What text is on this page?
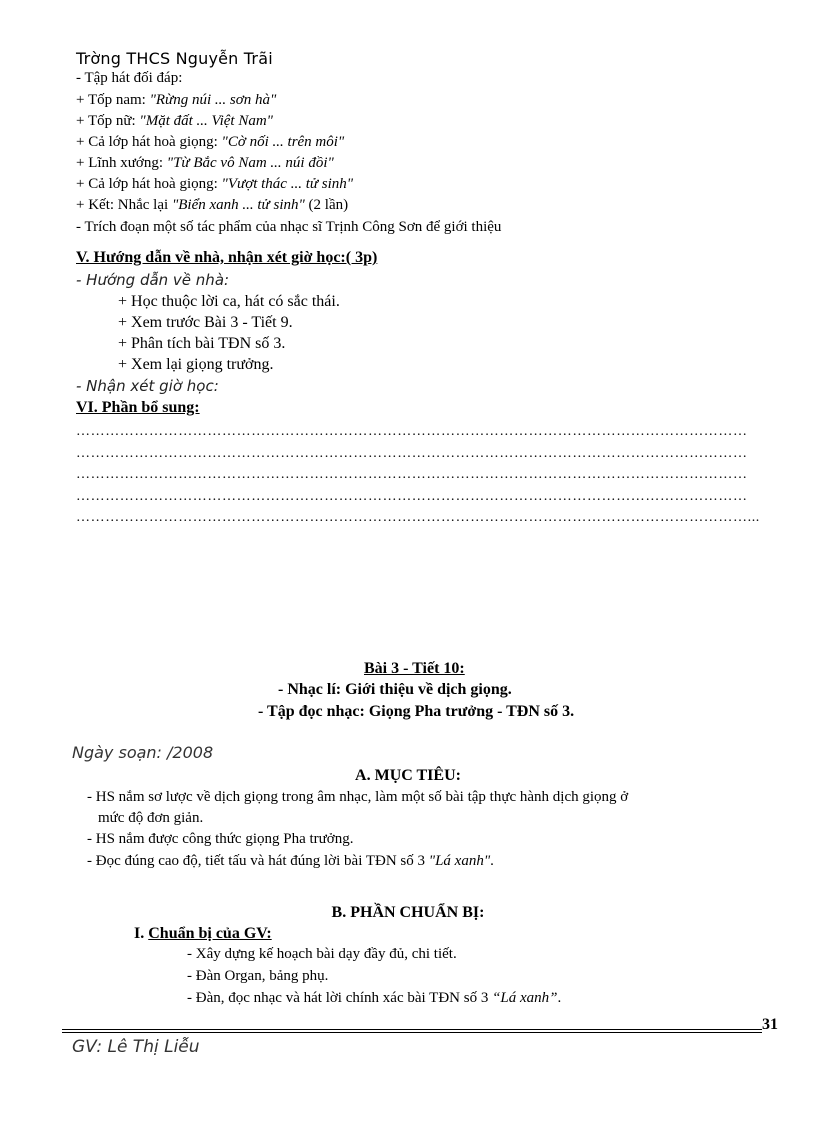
Trờng THCS Nguyễn Trãi
- Tập hát đối đáp:
+ Tốp nam: "Rừng núi ... sơn hà"
+ Tốp nữ: "Mặt đất ... Việt Nam"
+ Cả lớp hát hoà giọng: "Cờ nối ... trên môi"
+ Lĩnh xướng: "Từ Bắc vô Nam ... núi đồi"
+ Cả lớp hát hoà giọng: "Vượt thác ... tử sinh"
+ Kết: Nhắc lại "Biển xanh ... tử sinh" (2 lần)
- Trích đoạn một số tác phẩm của nhạc sĩ Trịnh Công Sơn để giới thiệu
V. Hướng dẫn về nhà, nhận xét giờ học:( 3p)
- Hướng dẫn về nhà:
+ Học thuộc lời ca, hát có sắc thái.
+ Xem trước Bài 3 - Tiết 9.
+ Phân tích bài TĐN số 3.
+ Xem lại giọng trưởng.
- Nhận xét giờ học:
VI. Phần bổ sung:
…………………………………………………………………………………………………………………………
…………………………………………………………………………………………………………………………
…………………………………………………………………………………………………………………………
…………………………………………………………………………………………………………………………
…………………………………………………………………………………………………………………………...
Bài 3 - Tiết 10:
- Nhạc lí: Giới thiệu về dịch giọng.
- Tập đọc nhạc: Giọng Pha trưởng - TĐN số 3.
Ngày soạn: /2008
A. MỤC TIÊU:
- HS nắm sơ lược về dịch giọng trong âm nhạc, làm một số bài tập thực hành dịch giọng ở
mức độ đơn giản.
- HS nắm được công thức giọng Pha trưởng.
- Đọc đúng cao độ, tiết tấu và hát đúng lời bài TĐN số 3 "Lá xanh".
B. PHẦN CHUẨN BỊ:
I. Chuẩn bị của GV:
- Xây dựng kế hoạch bài dạy đầy đủ, chi tiết.
- Đàn Organ, bảng phụ.
- Đàn, đọc nhạc và hát lời chính xác bài TĐN số 3 “Lá xanh”.
31
GV: Lê Thị Liễu
